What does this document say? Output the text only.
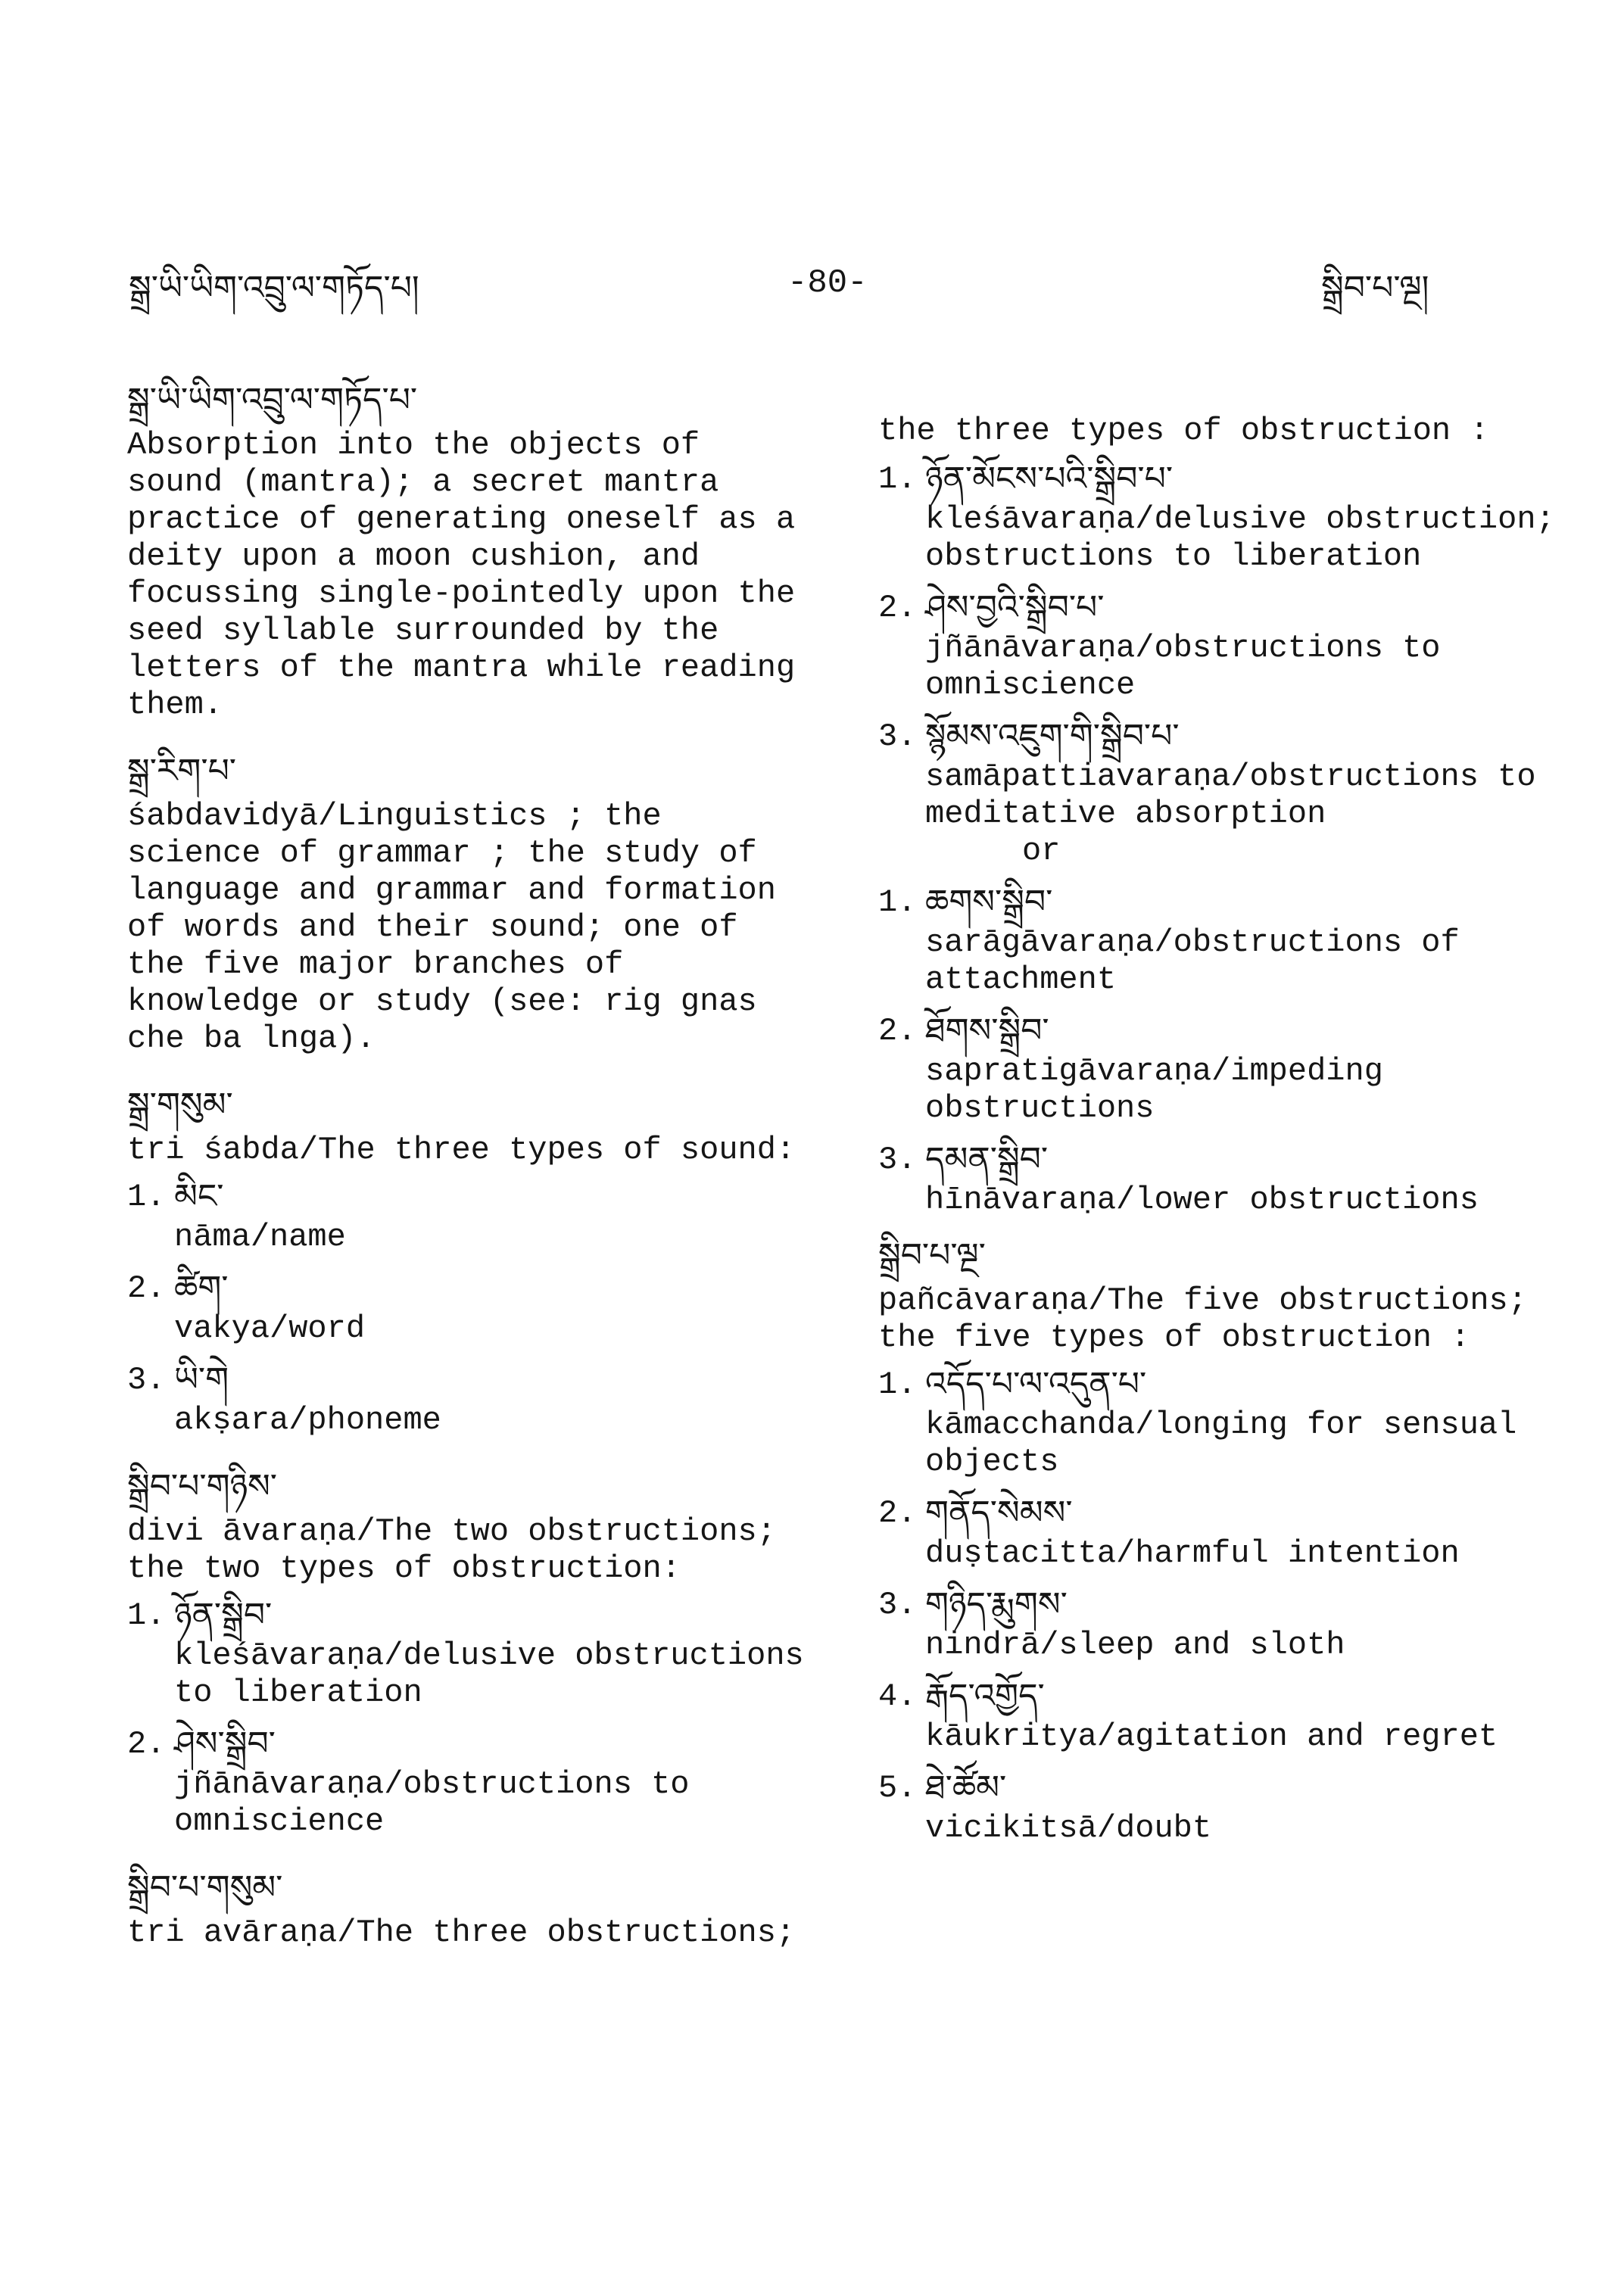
སྒྲ་ཡི་ཡིག་འབྲུ་ལ་གཏོད་པ།	-80-	སྒྲིབ་པ་ལྔ།
སྒྲ་ཡི་ཡིག་འབྲུ་ལ་གཏོད་པ་
Absorption into the objects of sound (mantra); a secret mantra practice of generating oneself as a deity upon a moon cushion, and focussing single-pointedly upon the seed syllable surrounded by the letters of the mantra while reading them.
སྒྲ་རིག་པ་
śabdavidyā/Linguistics ; the science of grammar ; the study of language and grammar and formation of words and their sound; one of the five major branches of knowledge or study (see: rig gnas che ba lnga).
སྒྲ་གསུམ་
tri śabda/The three types of sound:
1. མིང་
nāma/name
2. ཚིག་
vakya/word
3. ཡི་གེ
akṣara/phoneme
སྒྲིབ་པ་གཉིས་
divi āvaraṇa/The two obstructions; the two types of obstruction:
1. ཉོན་སྒྲིབ་
kleśāvaraṇa/delusive obstructions to liberation
2. ཤེས་སྒྲིབ་
jñānāvaraṇa/obstructions to omniscience
སྒྲིབ་པ་གསུམ་
tri avāraṇa/The three obstructions;
the three types of obstruction :
1. ཉོན་མོངས་པའི་སྒྲིབ་པ་
kleśāvaraṇa/delusive obstruction; obstructions to liberation
2. ཤེས་བྱའི་སྒྲིབ་པ་
jñānāvaraṇa/obstructions to omniscience
3. སྙོམས་འཇུག་གི་སྒྲིབ་པ་
samāpattiavaraṇa/obstructions to meditative absorption
or
1. ཆགས་སྒྲིབ་
sarāgāvaraṇa/obstructions of attachment
2. ཐོགས་སྒྲིབ་
sapratigāvaraṇa/impeding obstructions
3. དམན་སྒྲིབ་
hīnāvaraṇa/lower obstructions
སྒྲིབ་པ་ལྔ་
pañcāvaraṇa/The five obstructions; the five types of obstruction :
1. འདོད་པ་ལ་འདུན་པ་
kāmacchanda/longing for sensual objects
2. གནོད་སེམས་
duṣtacitta/harmful intention
3. གཉིད་རྨུགས་
nindrā/sleep and sloth
4. རྒོད་འགྱོད་
kāukritya/agitation and regret
5. ཐེ་ཚོམ་
vicikitsā/doubt
